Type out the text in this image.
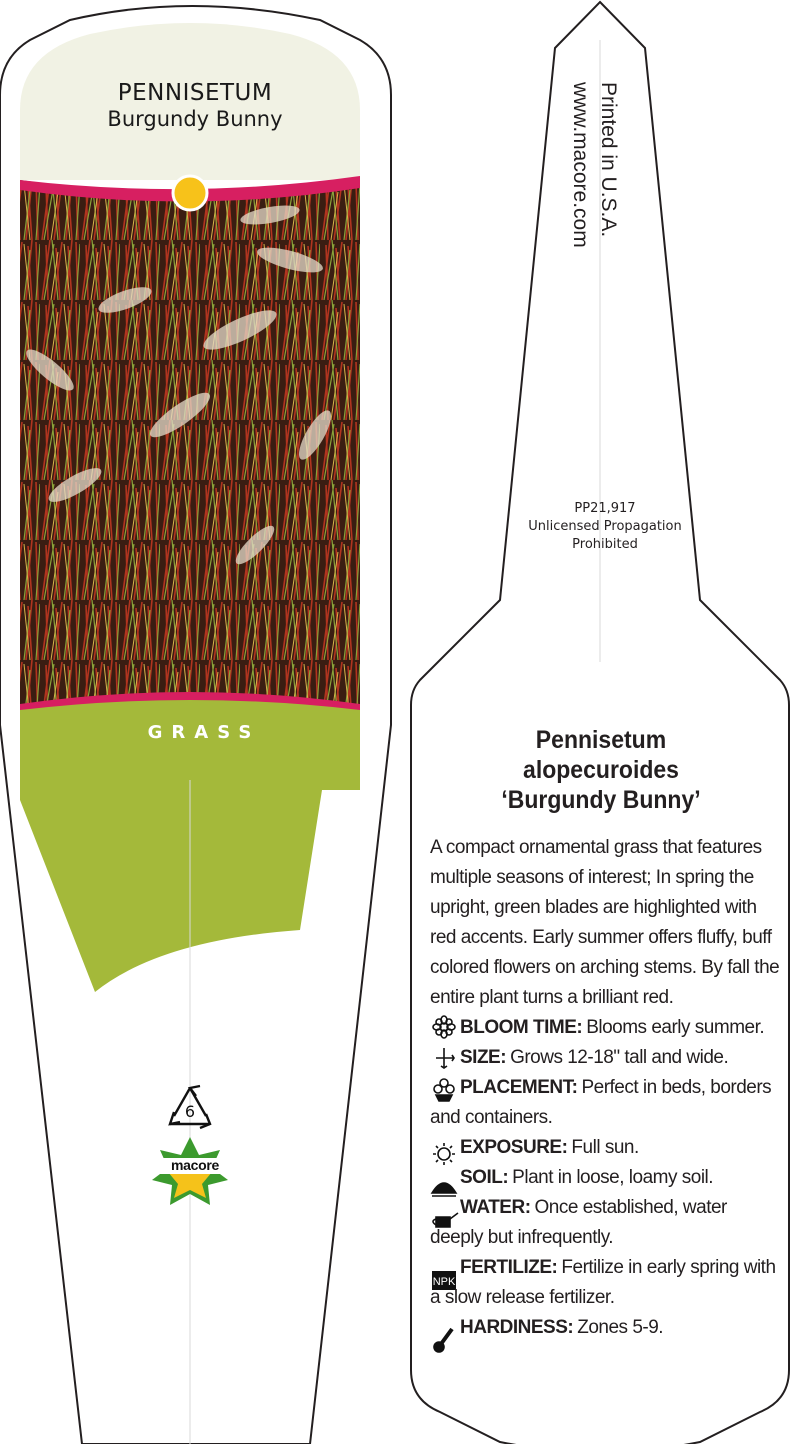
NPK
PENNISETUM
Burgundy Bunny
GRASS
6
macore
Printed in U.S.A.
www.macore.com
PP21,917
Unlicensed Propagation
Prohibited
Pennisetum
alopecuroides
‘Burgundy Bunny’
A compact ornamental grass that features multiple seasons of interest; In spring the upright, green blades are highlighted with red accents. Early summer offers fluffy, buff colored flowers on arching stems. By fall the entire plant turns a brilliant red.
BLOOM TIME: Blooms early summer.
SIZE: Grows 12-18" tall and wide.
PLACEMENT: Perfect in beds, borders and containers.
EXPOSURE: Full sun.
SOIL: Plant in loose, loamy soil.
WATER: Once established, water deeply but infrequently.
FERTILIZE: Fertilize in early spring with a slow release fertilizer.
HARDINESS: Zones 5-9.
